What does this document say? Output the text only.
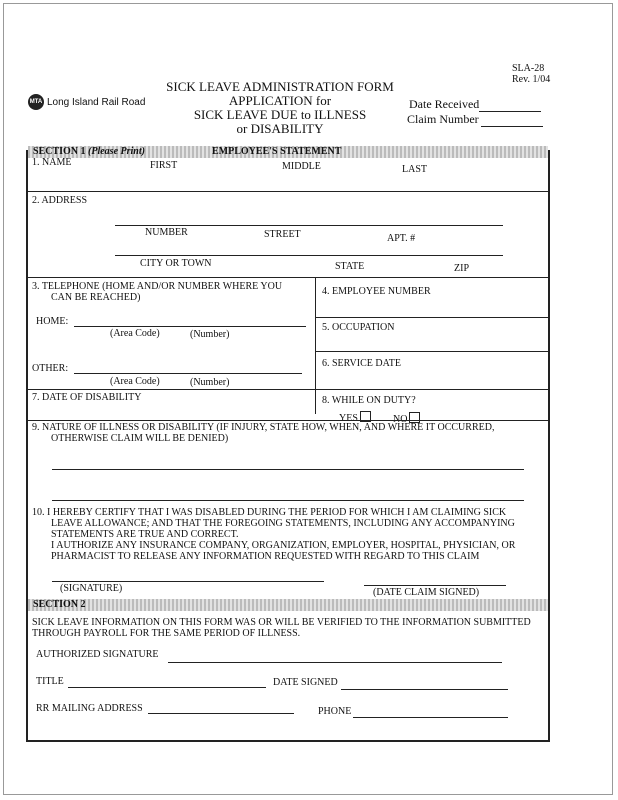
SLA-28
Rev. 1/04
MTA Long Island Rail Road
SICK LEAVE ADMINISTRATION FORM
APPLICATION for
SICK LEAVE DUE to ILLNESS
or DISABILITY
Date Received
Claim Number
SECTION 1 (Please Print)	EMPLOYEE'S STATEMENT
1. NAME	FIRST	MIDDLE	LAST
2. ADDRESS
NUMBER	STREET	APT. #
CITY OR TOWN	STATE	ZIP
3. TELEPHONE (HOME AND/OR NUMBER WHERE YOU
CAN BE REACHED)
HOME:
(Area Code)	(Number)
OTHER:
(Area Code)	(Number)
4. EMPLOYEE NUMBER
5. OCCUPATION
6. SERVICE DATE
7. DATE OF DISABILITY	8. WHILE ON DUTY?
YES	NO
9. NATURE OF ILLNESS OR DISABILITY (IF INJURY, STATE HOW, WHEN, AND WHERE IT OCCURRED,
OTHERWISE CLAIM WILL BE DENIED)
10. I HEREBY CERTIFY THAT I WAS DISABLED DURING THE PERIOD FOR WHICH I AM CLAIMING SICK
LEAVE ALLOWANCE; AND THAT THE FOREGOING STATEMENTS, INCLUDING ANY ACCOMPANYING
STATEMENTS ARE TRUE AND CORRECT.
I AUTHORIZE ANY INSURANCE COMPANY, ORGANIZATION, EMPLOYER, HOSPITAL, PHYSICIAN, OR
PHARMACIST TO RELEASE ANY INFORMATION REQUESTED WITH REGARD TO THIS CLAIM
(SIGNATURE)	(DATE CLAIM SIGNED)
SECTION 2
SICK LEAVE INFORMATION ON THIS FORM WAS OR WILL BE VERIFIED TO THE INFORMATION SUBMITTED
THROUGH PAYROLL FOR THE SAME PERIOD OF ILLNESS.
AUTHORIZED SIGNATURE
TITLE	DATE SIGNED
RR MAILING ADDRESS	PHONE
